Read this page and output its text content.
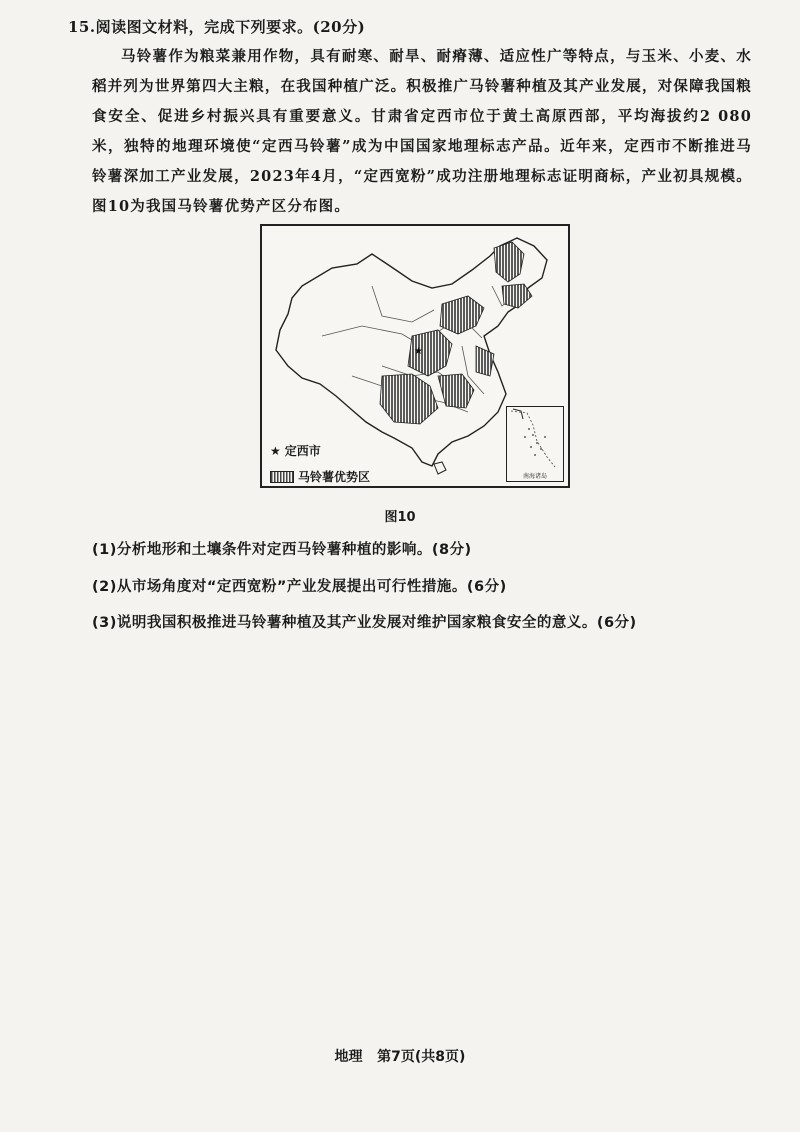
15.阅读图文材料，完成下列要求。(20分)

马铃薯作为粮菜兼用作物，具有耐寒、耐旱、耐瘠薄、适应性广等特点，与玉米、小麦、水稻并列为世界第四大主粮，在我国种植广泛。积极推广马铃薯种植及其产业发展，对保障我国粮食安全、促进乡村振兴具有重要意义。甘肃省定西市位于黄土高原西部，平均海拔约2 080米，独特的地理环境使“定西马铃薯”成为中国国家地理标志产品。近年来，定西市不断推进马铃薯深加工产业发展，2023年4月，“定西宽粉”成功注册地理标志证明商标，产业初具规模。图10为我国马铃薯优势产区分布图。

★
★ 定西市
马铃薯优势区	南海诸岛
图10
(1)分析地形和土壤条件对定西马铃薯种植的影响。(8分)
(2)从市场角度对“定西宽粉”产业发展提出可行性措施。(6分)
(3)说明我国积极推进马铃薯种植及其产业发展对维护国家粮食安全的意义。(6分)
地理   第7页(共8页)
